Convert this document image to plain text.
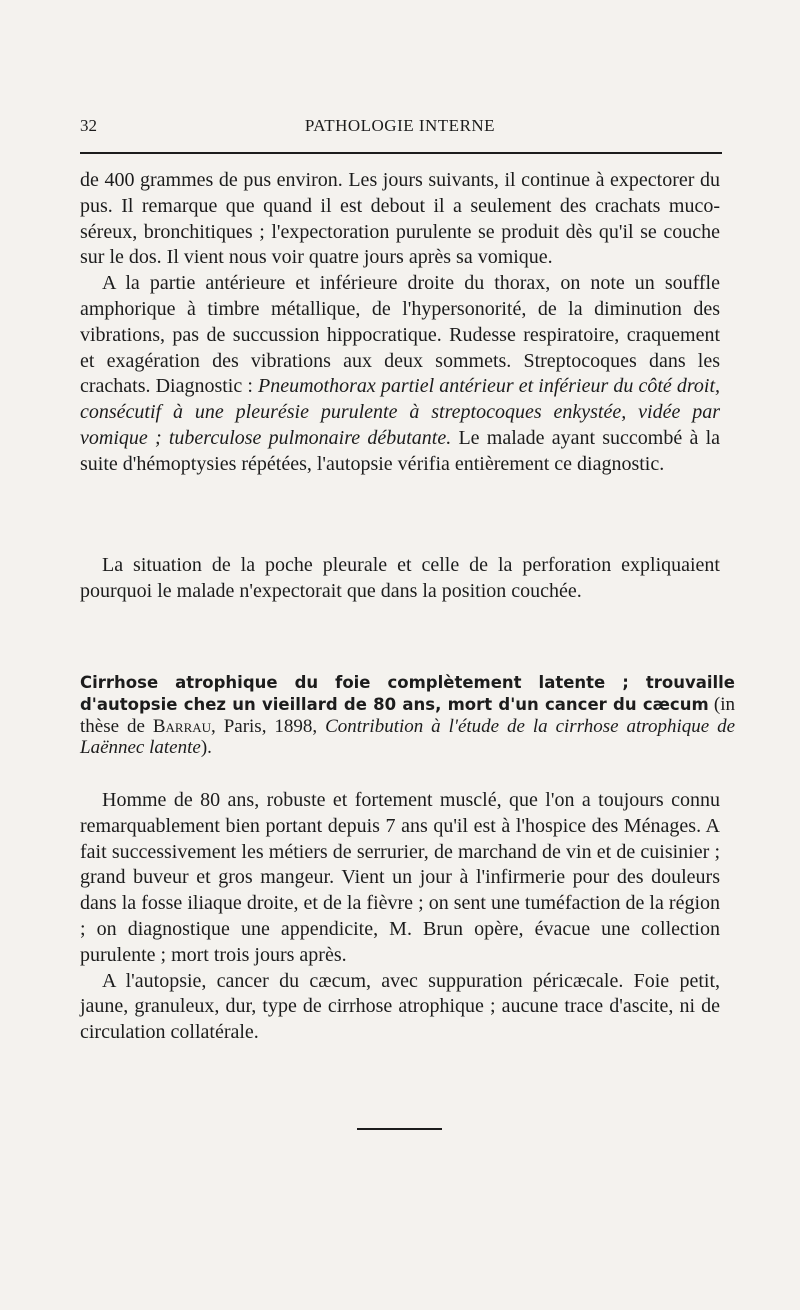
32	PATHOLOGIE INTERNE

de 400 grammes de pus environ. Les jours suivants, il continue à expectorer du pus. Il remarque que quand il est debout il a seulement des crachats muco-séreux, bronchitiques ; l'expectoration purulente se produit dès qu'il se couche sur le dos. Il vient nous voir quatre jours après sa vomique.

A la partie antérieure et inférieure droite du thorax, on note un souffle amphorique à timbre métallique, de l'hypersonorité, de la diminution des vibrations, pas de succussion hippocratique. Rudesse respiratoire, craquement et exagération des vibrations aux deux sommets. Streptocoques dans les crachats. Diagnostic : Pneumothorax partiel antérieur et inférieur du côté droit, consécutif à une pleurésie purulente à streptocoques enkystée, vidée par vomique ; tuberculose pulmonaire débutante. Le malade ayant succombé à la suite d'hémoptysies répétées, l'autopsie vérifia entièrement ce diagnostic.

La situation de la poche pleurale et celle de la perforation expliquaient pourquoi le malade n'expectorait que dans la position couchée.

Cirrhose atrophique du foie complètement latente ; trouvaille d'autopsie chez un vieillard de 80 ans, mort d'un cancer du cæcum (in thèse de Barrau, Paris, 1898, Contribution à l'étude de la cirrhose atrophique de Laënnec latente).

Homme de 80 ans, robuste et fortement musclé, que l'on a toujours connu remarquablement bien portant depuis 7 ans qu'il est à l'hospice des Ménages. A fait successivement les métiers de serrurier, de marchand de vin et de cuisinier ; grand buveur et gros mangeur. Vient un jour à l'infirmerie pour des douleurs dans la fosse iliaque droite, et de la fièvre ; on sent une tuméfaction de la région ; on diagnostique une appendicite, M. Brun opère, évacue une collection purulente ; mort trois jours après.

A l'autopsie, cancer du cæcum, avec suppuration péricæcale. Foie petit, jaune, granuleux, dur, type de cirrhose atrophique ; aucune trace d'ascite, ni de circulation collatérale.
